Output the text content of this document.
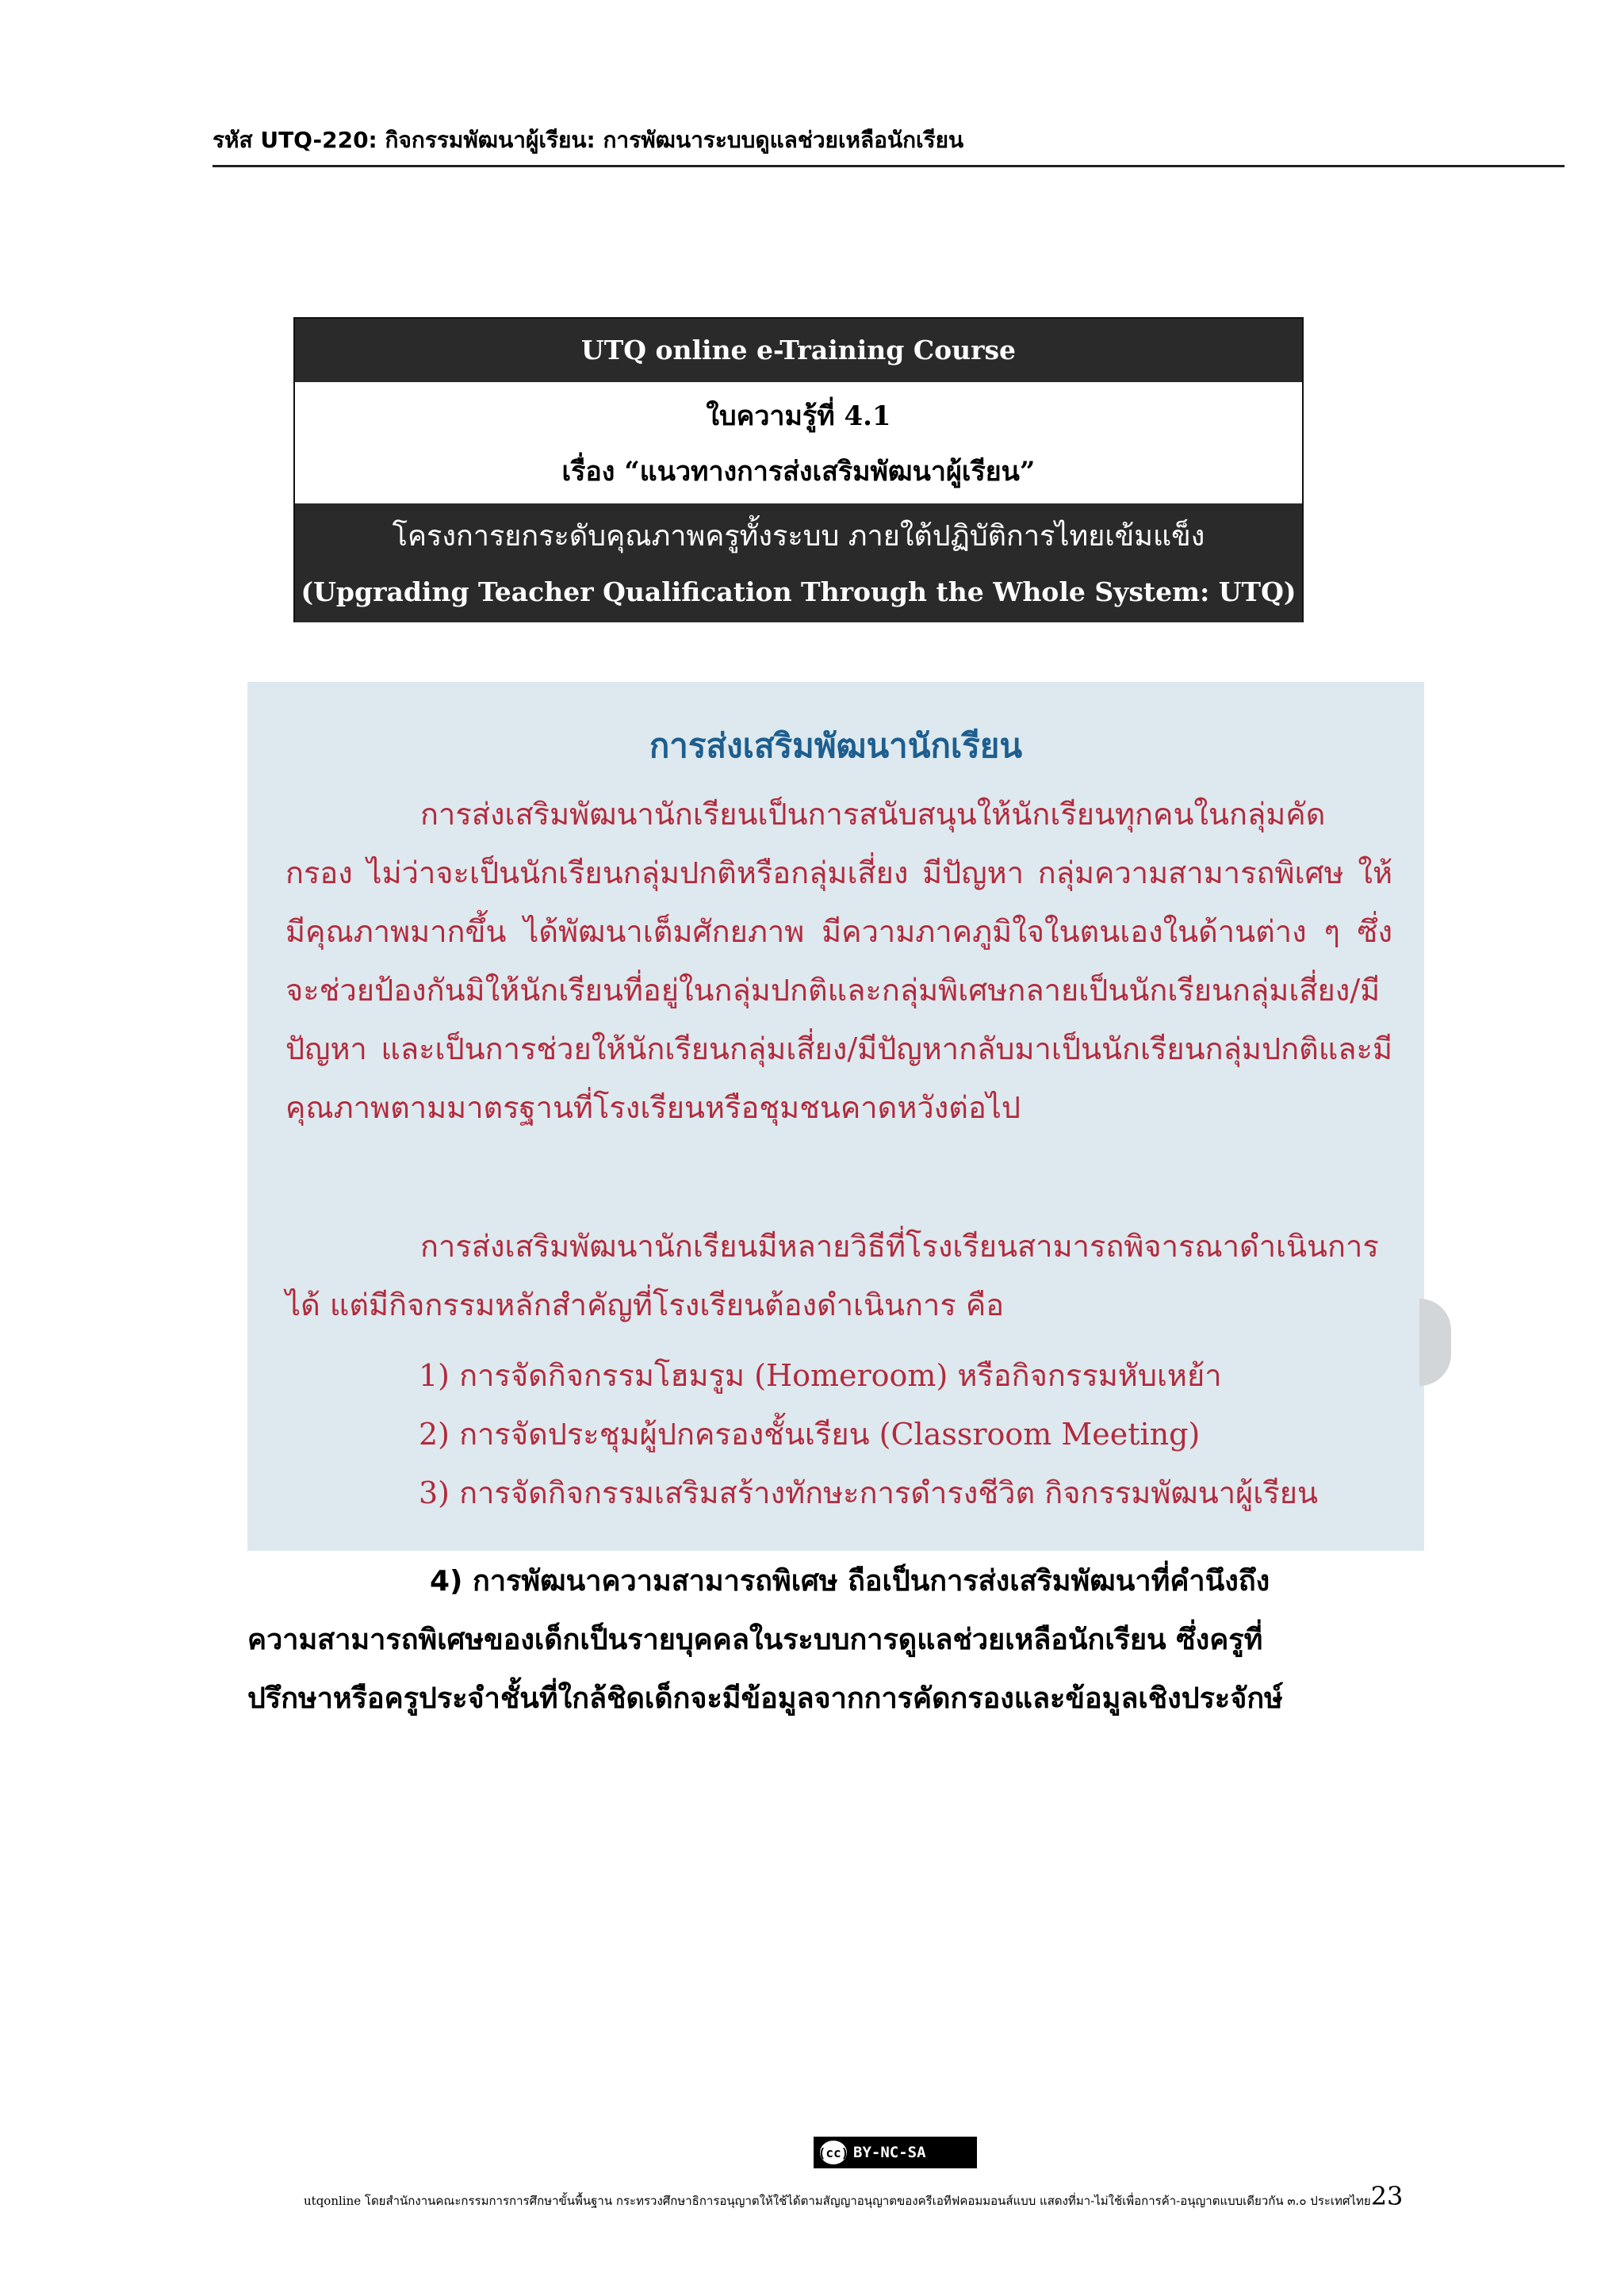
รหัส UTQ-220: กิจกรรมพัฒนาผู้เรียน: การพัฒนาระบบดูแลช่วยเหลือนักเรียน
UTQ online e-Training Course
ใบความรู้ที่ 4.1
เรื่อง “แนวทางการส่งเสริมพัฒนาผู้เรียน”
โครงการยกระดับคุณภาพครูทั้งระบบ ภายใต้ปฏิบัติการไทยเข้มแข็ง
(Upgrading Teacher Qualification Through the Whole System: UTQ)
การส่งเสริมพัฒนานักเรียน
การส่งเสริมพัฒนานักเรียนเป็นการสนับสนุนให้นักเรียนทุกคนในกลุ่มคัดกรอง ไม่ว่าจะเป็นนักเรียนกลุ่มปกติหรือกลุ่มเสี่ยง มีปัญหา กลุ่มความสามารถพิเศษ ให้มีคุณภาพมากขึ้น ได้พัฒนาเต็มศักยภาพ มีความภาคภูมิใจในตนเองในด้านต่าง ๆ ซึ่งจะช่วยป้องกันมิให้นักเรียนที่อยู่ในกลุ่มปกติและกลุ่มพิเศษกลายเป็นนักเรียนกลุ่มเสี่ยง/มีปัญหา และเป็นการช่วยให้นักเรียนกลุ่มเสี่ยง/มีปัญหากลับมาเป็นนักเรียนกลุ่มปกติและมีคุณภาพตามมาตรฐานที่โรงเรียนหรือชุมชนคาดหวังต่อไป
การส่งเสริมพัฒนานักเรียนมีหลายวิธีที่โรงเรียนสามารถพิจารณาดำเนินการได้ แต่มีกิจกรรมหลักสำคัญที่โรงเรียนต้องดำเนินการ คือ
1) การจัดกิจกรรมโฮมรูม (Homeroom) หรือกิจกรรมหับเหย้า
2) การจัดประชุมผู้ปกครองชั้นเรียน (Classroom Meeting)
3) การจัดกิจกรรมเสริมสร้างทักษะการดำรงชีวิต กิจกรรมพัฒนาผู้เรียน
4) การพัฒนาความสามารถพิเศษ ถือเป็นการส่งเสริมพัฒนาที่คำนึงถึง
ความสามารถพิเศษของเด็กเป็นรายบุคคลในระบบการดูแลช่วยเหลือนักเรียน ซึ่งครูที่
ปรึกษาหรือครูประจำชั้นที่ใกล้ชิดเด็กจะมีข้อมูลจากการคัดกรองและข้อมูลเชิงประจักษ์
(cc) BY-NC-SA
utqonline โดยสำนักงานคณะกรรมการการศึกษาขั้นพื้นฐาน กระทรวงศึกษาธิการอนุญาตให้ใช้ได้ตามสัญญาอนุญาตของครีเอทีฟคอมมอนส์แบบ แสดงที่มา-ไม่ใช้เพื่อการค้า-อนุญาตแบบเดียวกัน ๓.๐ ประเทศไทย23
